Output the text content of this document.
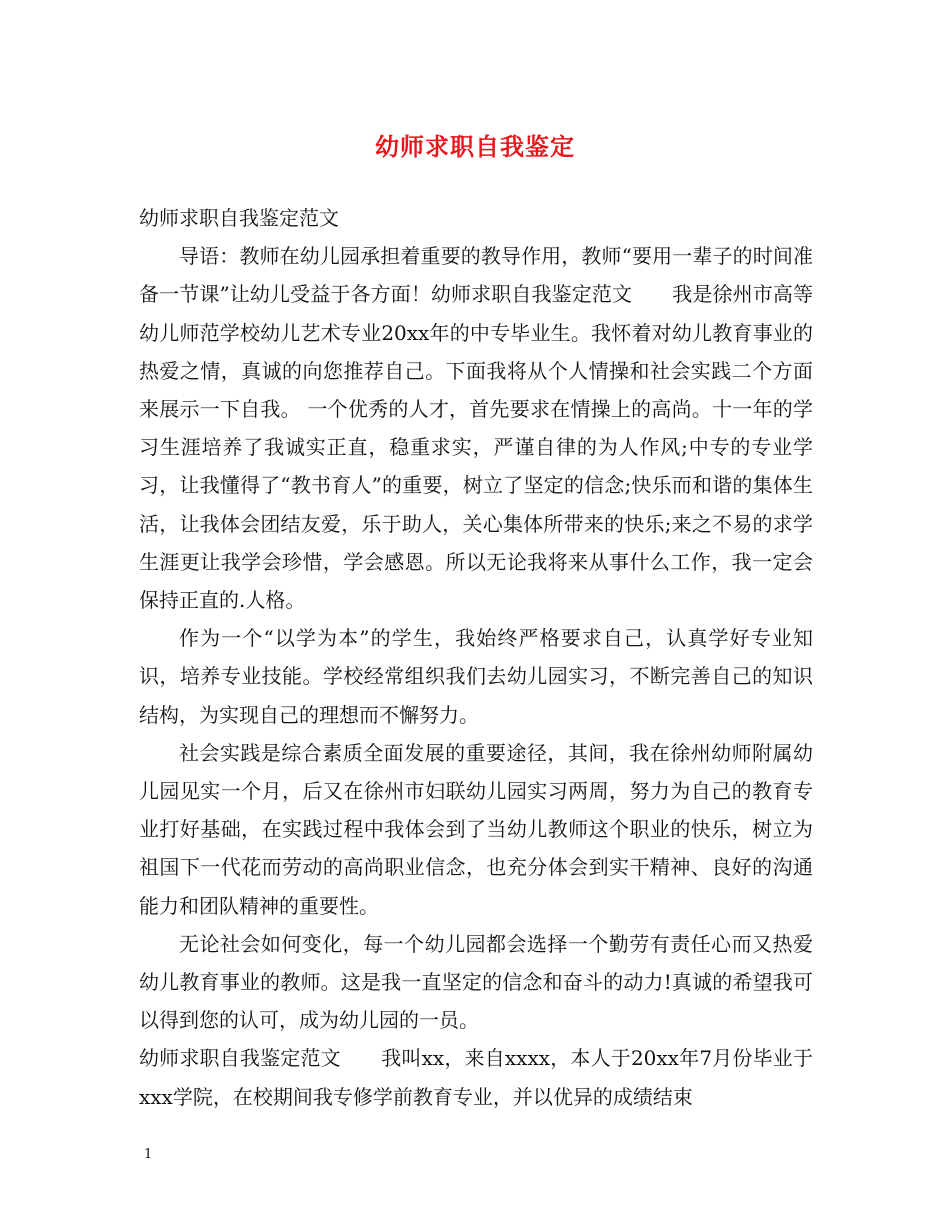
幼师求职自我鉴定

幼师求职自我鉴定范文

导语：教师在幼儿园承担着重要的教导作用，教师“要用一辈子的时间准备一节课”让幼儿受益于各方面！幼师求职自我鉴定范文　　我是徐州市高等幼儿师范学校幼儿艺术专业20xx年的中专毕业生。我怀着对幼儿教育事业的热爱之情，真诚的向您推荐自己。下面我将从个人情操和社会实践二个方面来展示一下自我。 一个优秀的人才，首先要求在情操上的高尚。十一年的学习生涯培养了我诚实正直，稳重求实，严谨自律的为人作风;中专的专业学习，让我懂得了“教书育人”的重要，树立了坚定的信念;快乐而和谐的集体生活，让我体会团结友爱，乐于助人，关心集体所带来的快乐;来之不易的求学生涯更让我学会珍惜，学会感恩。所以无论我将来从事什么工作，我一定会保持正直的.人格。

作为一个“以学为本”的学生，我始终严格要求自己，认真学好专业知识，培养专业技能。学校经常组织我们去幼儿园实习，不断完善自己的知识结构，为实现自己的理想而不懈努力。

社会实践是综合素质全面发展的重要途径，其间，我在徐州幼师附属幼儿园见实一个月，后又在徐州市妇联幼儿园实习两周，努力为自己的教育专业打好基础，在实践过程中我体会到了当幼儿教师这个职业的快乐，树立为祖国下一代花而劳动的高尚职业信念，也充分体会到实干精神、良好的沟通能力和团队精神的重要性。

无论社会如何变化，每一个幼儿园都会选择一个勤劳有责任心而又热爱幼儿教育事业的教师。这是我一直坚定的信念和奋斗的动力!真诚的希望我可以得到您的认可，成为幼儿园的一员。

幼师求职自我鉴定范文　　我叫xx，来自xxxx，本人于20xx年7月份毕业于xxx学院，在校期间我专修学前教育专业，并以优异的成绩结束

1
